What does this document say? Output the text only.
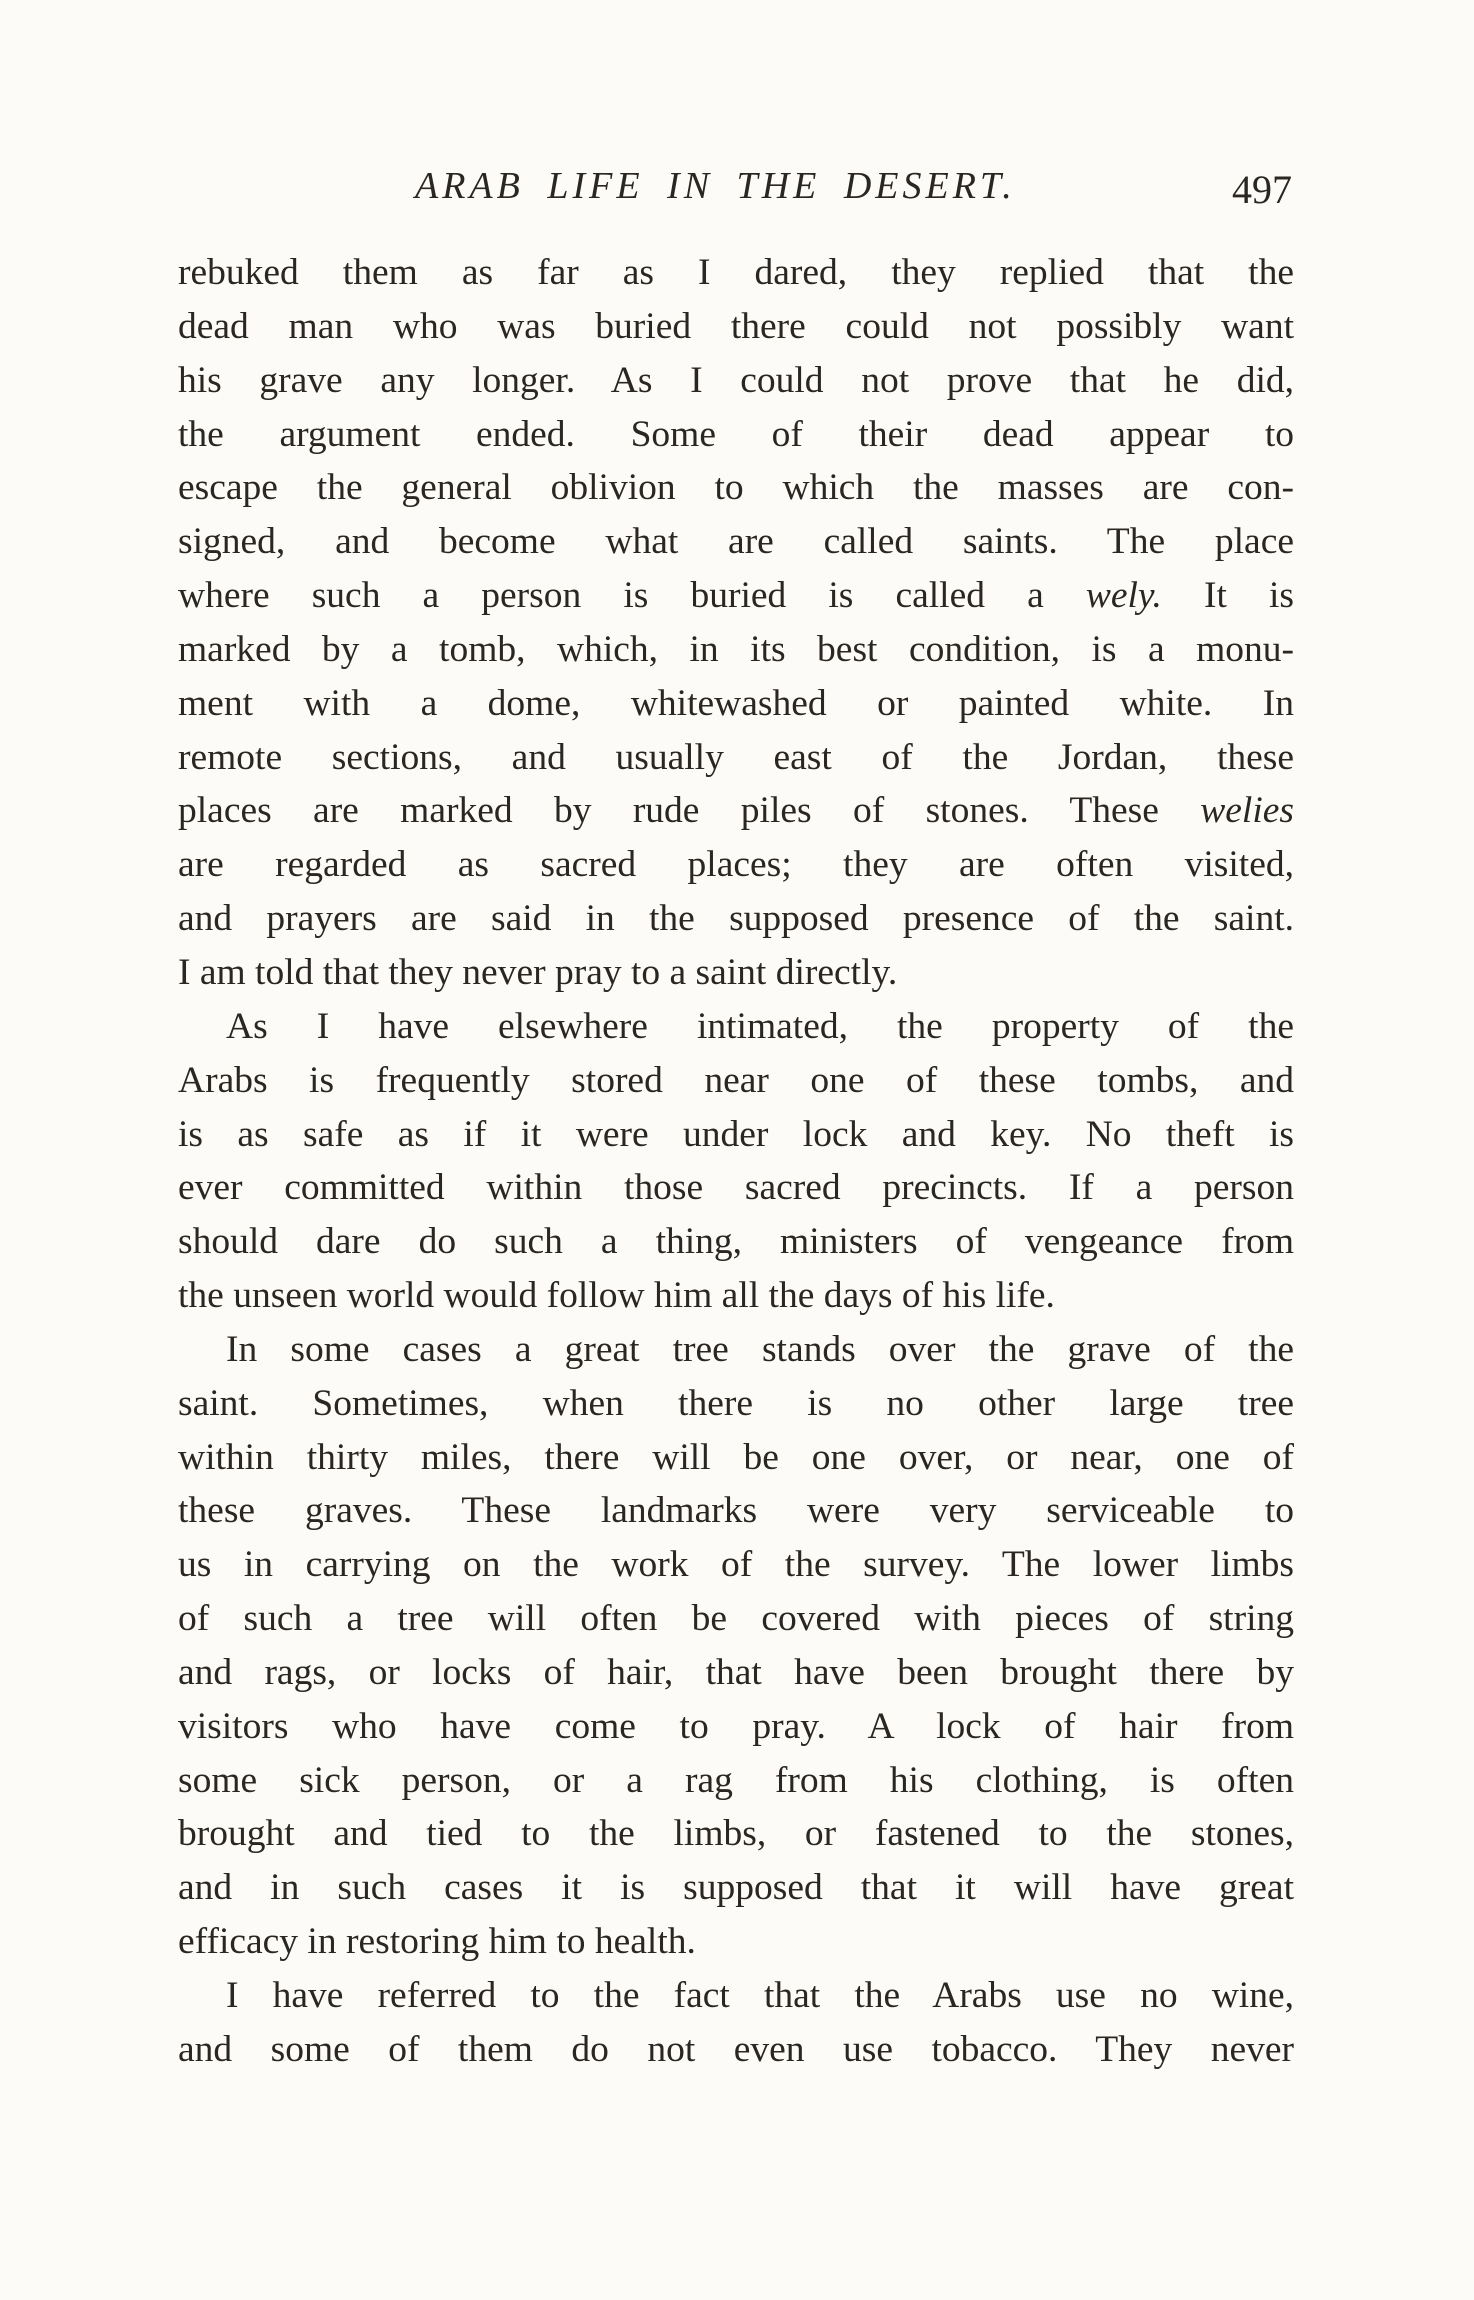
ARAB LIFE IN THE DESERT.	497
rebuked them as far as I dared, they replied that the
dead man who was buried there could not possibly want
his grave any longer. As I could not prove that he did,
the argument ended. Some of their dead appear to
escape the general oblivion to which the masses are con-
signed, and become what are called saints. The place
where such a person is buried is called a wely. It is
marked by a tomb, which, in its best condition, is a monu-
ment with a dome, whitewashed or painted white. In
remote sections, and usually east of the Jordan, these
places are marked by rude piles of stones. These welies
are regarded as sacred places; they are often visited,
and prayers are said in the supposed presence of the saint.
I am told that they never pray to a saint directly.
As I have elsewhere intimated, the property of the
Arabs is frequently stored near one of these tombs, and
is as safe as if it were under lock and key. No theft is
ever committed within those sacred precincts. If a person
should dare do such a thing, ministers of vengeance from
the unseen world would follow him all the days of his life.
In some cases a great tree stands over the grave of the
saint. Sometimes, when there is no other large tree
within thirty miles, there will be one over, or near, one of
these graves. These landmarks were very serviceable to
us in carrying on the work of the survey. The lower limbs
of such a tree will often be covered with pieces of string
and rags, or locks of hair, that have been brought there by
visitors who have come to pray. A lock of hair from
some sick person, or a rag from his clothing, is often
brought and tied to the limbs, or fastened to the stones,
and in such cases it is supposed that it will have great
efficacy in restoring him to health.
I have referred to the fact that the Arabs use no wine,
and some of them do not even use tobacco. They never
